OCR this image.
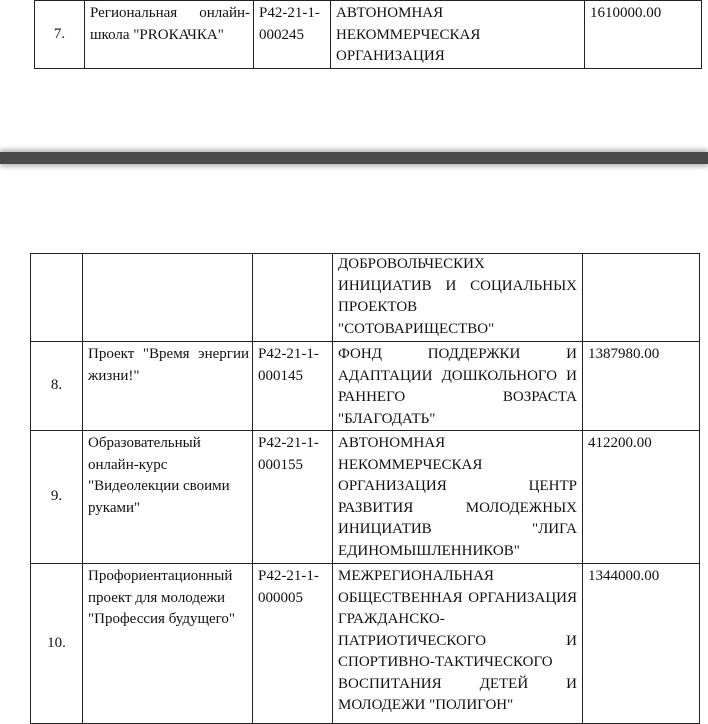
7.	Региональная онлайн-школа "PROКАЧКА"	Р42-21-1-000245	АВТОНОМНАЯ НЕКОММЕРЧЕСКАЯ ОРГАНИЗАЦИЯ	1610000.00
			ДОБРОВОЛЬЧЕСКИХ ИНИЦИАТИВ И СОЦИАЛЬНЫХ ПРОЕКТОВ "СОТОВАРИЩЕСТВО"	
8.	Проект "Время энергии жизни!"	Р42-21-1-000145	ФОНД ПОДДЕРЖКИ И АДАПТАЦИИ ДОШКОЛЬНОГО И РАННЕГО ВОЗРАСТА "БЛАГОДАТЬ"	1387980.00
9.	Образовательный онлайн-курс "Видеолекции своими руками"	Р42-21-1-000155	АВТОНОМНАЯ НЕКОММЕРЧЕСКАЯ ОРГАНИЗАЦИЯ ЦЕНТР РАЗВИТИЯ МОЛОДЕЖНЫХ ИНИЦИАТИВ "ЛИГА ЕДИНОМЫШЛЕННИКОВ"	412200.00
10.	Профориентационный проект для молодежи "Профессия будущего"	Р42-21-1-000005	МЕЖРЕГИОНАЛЬНАЯ ОБЩЕСТВЕННАЯ ОРГАНИЗАЦИЯ ГРАЖДАНСКО-ПАТРИОТИЧЕСКОГО И СПОРТИВНО-ТАКТИЧЕСКОГО ВОСПИТАНИЯ ДЕТЕЙ И МОЛОДЕЖИ "ПОЛИГОН"	1344000.00
